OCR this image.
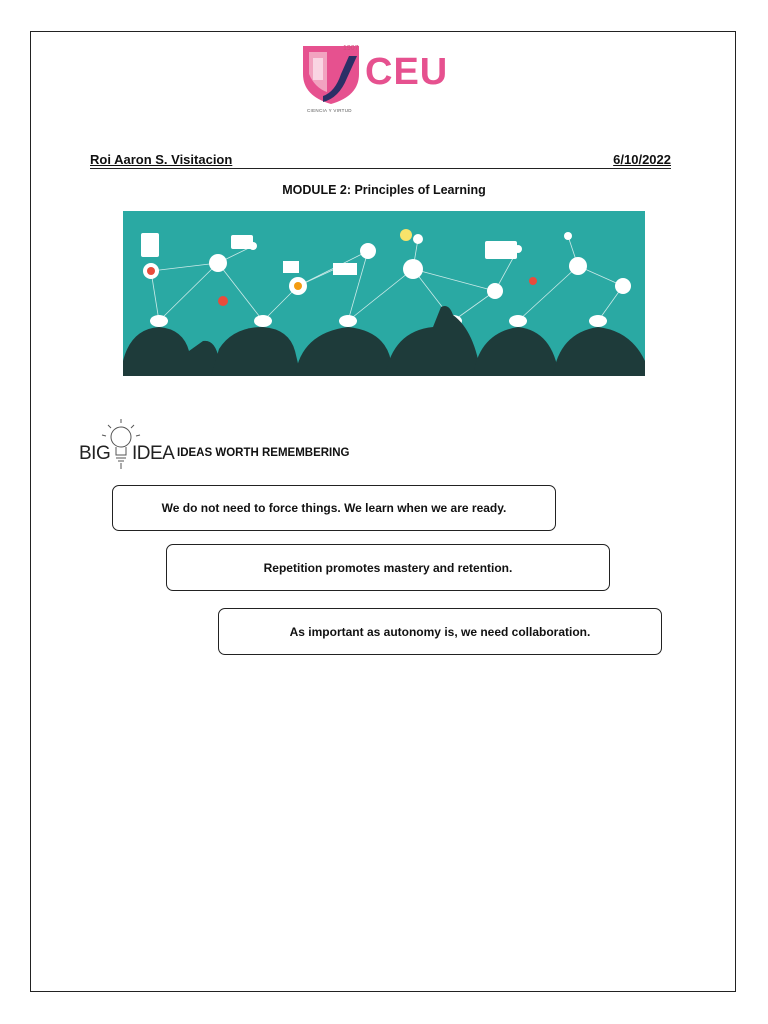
1907
CEU
CIENCIA Y VIRTUD
Roi Aaron S. Visitacion	6/10/2022
MODULE 2: Principles of Learning
BIG IDEA IDEAS WORTH REMEMBERING
We do not need to force things. We learn when we are ready.
Repetition promotes mastery and retention.
As important as autonomy is, we need collaboration.
